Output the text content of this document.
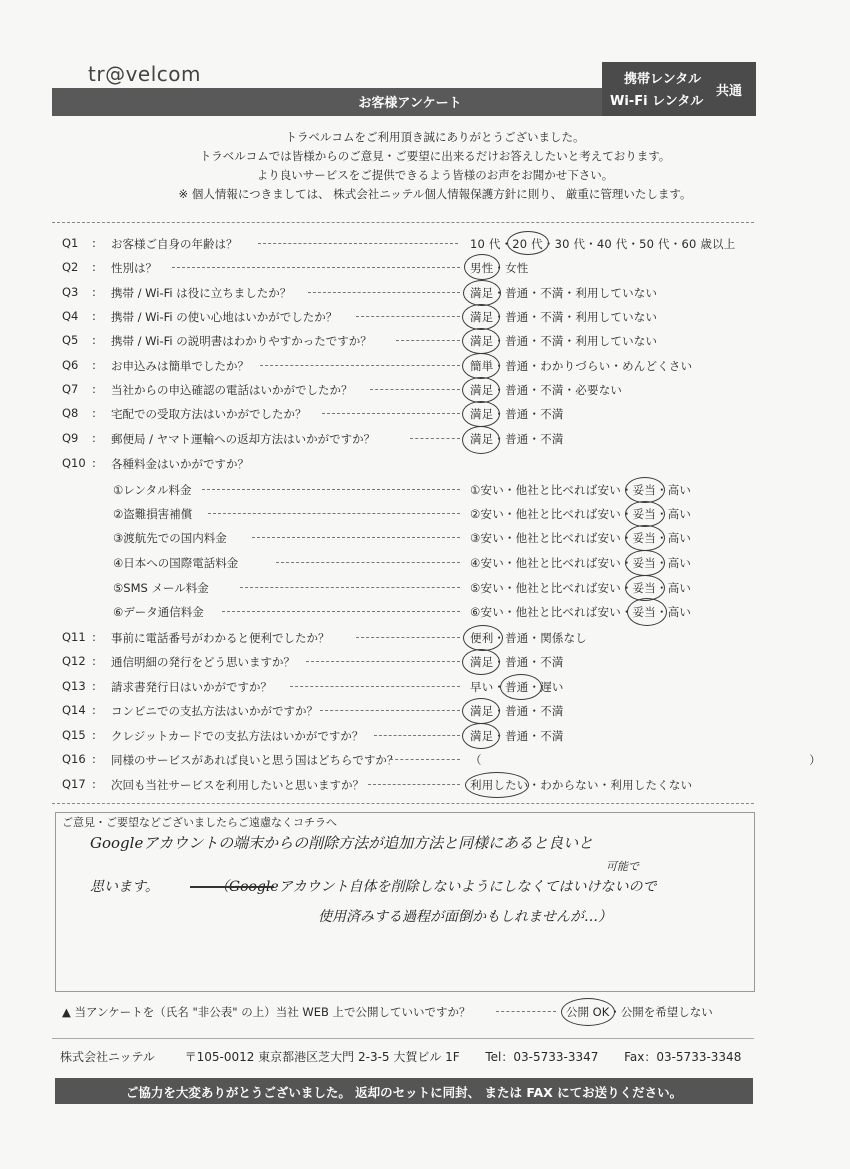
tr@velcom
お客様アンケート
携帯レンタル
Wi-Fi レンタル
共通
トラベルコムをご利用頂き誠にありがとうございました。
トラベルコムでは皆様からのご意見・ご要望に出来るだけお答えしたいと考えております。
より良いサービスをご提供できるよう皆様のお声をお聞かせ下さい。
※ 個人情報につきましては、 株式会社ニッテル個人情報保護方針に則り、 厳重に管理いたします。
Q1 : お客様ご自身の年齢は？	10 代・20 代・30 代・40 代・50 代・60 歳以上
Q2 : 性別は？	男性・女性
Q3 : 携帯 / Wi-Fi は役に立ちましたか？	満足・普通・不満・利用していない
Q4 : 携帯 / Wi-Fi の使い心地はいかがでしたか？	満足・普通・不満・利用していない
Q5 : 携帯 / Wi-Fi の説明書はわかりやすかったですか？	満足・普通・不満・利用していない
Q6 : お申込みは簡単でしたか？	簡単・普通・わかりづらい・めんどくさい
Q7 : 当社からの申込確認の電話はいかがでしたか？	満足・普通・不満・必要ない
Q8 : 宅配での受取方法はいかがでしたか？	満足・普通・不満
Q9 : 郵便局 / ヤマト運輸への返却方法はいかがですか？	満足・普通・不満
Q10 : 各種料金はいかがですか？
①レンタル料金	①安い・他社と比べれば安い・妥当・高い
②盗難損害補償	②安い・他社と比べれば安い・妥当・高い
③渡航先での国内料金	③安い・他社と比べれば安い・妥当・高い
④日本への国際電話料金	④安い・他社と比べれば安い・妥当・高い
⑤SMS メール料金	⑤安い・他社と比べれば安い・妥当・高い
⑥データ通信料金	⑥安い・他社と比べれば安い・妥当・高い
Q11 : 事前に電話番号がわかると便利でしたか？	便利・普通・関係なし
Q12 : 通信明細の発行をどう思いますか？	満足・普通・不満
Q13 : 請求書発行日はいかがですか？	早い・普通・遅い
Q14 : コンビニでの支払方法はいかがですか？	満足・普通・不満
Q15 : クレジットカードでの支払方法はいかがですか？	満足・普通・不満
Q16 : 同様のサービスがあれば良いと思う国はどちらですか？	（　　　　　　　　　　　　　　　　　　　　　　　　　　　　）
Q17 : 次回も当社サービスを利用したいと思いますか？	利用したい・わからない・利用したくない
ご意見・ご要望などございましたらご遠慮なくコチラへ
Googleアカウントの端末からの削除方法が追加方法と同様にあると良いと
可能で
思います。　　　　　（Googleアカウント自体を削除しないようにしなくてはいけないので
使用済みする過程が面倒かもしれませんが…）
▲ 当アンケートを（氏名 "非公表" の上）当社 WEB 上で公開していいですか？	公開 OK・公開を希望しない
株式会社ニッテル 〒105-0012 東京都港区芝大門 2-3-5 大賀ビル 1F Tel：03-5733-3347 Fax：03-5733-3348
ご協力を大変ありがとうございました。 返却のセットに同封、 または FAX にてお送りください。
